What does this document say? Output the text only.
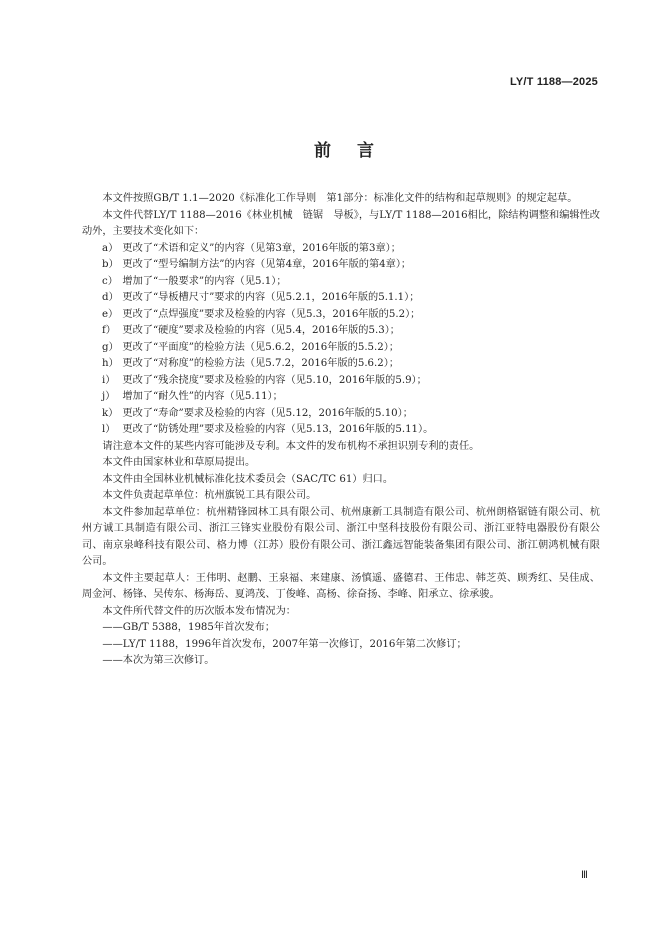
LY/T 1188—2025
前言

本文件按照GB/T 1.1—2020《标准化工作导则　第1部分：标准化文件的结构和起草规则》的规定起草。

本文件代替LY/T 1188—2016《林业机械　链锯　导板》，与LY/T 1188—2016相比，除结构调整和编辑性改动外，主要技术变化如下：

a） 更改了“术语和定义”的内容（见第3章，2016年版的第3章）；

b） 更改了“型号编制方法”的内容（见第4章，2016年版的第4章）；

c） 增加了“一般要求”的内容（见5.1）；

d） 更改了“导板槽尺寸”要求的内容（见5.2.1，2016年版的5.1.1）；

e） 更改了“点焊强度”要求及检验的内容（见5.3，2016年版的5.2）；

f） 更改了“硬度”要求及检验的内容（见5.4，2016年版的5.3）；

g） 更改了“平面度”的检验方法（见5.6.2，2016年版的5.5.2）；

h） 更改了“对称度”的检验方法（见5.7.2，2016年版的5.6.2）；

i） 更改了“残余挠度”要求及检验的内容（见5.10，2016年版的5.9）；

j） 增加了“耐久性”的内容（见5.11）；

k） 更改了“寿命”要求及检验的内容（见5.12，2016年版的5.10）；

l） 更改了“防锈处理”要求及检验的内容（见5.13，2016年版的5.11）。

请注意本文件的某些内容可能涉及专利。本文件的发布机构不承担识别专利的责任。

本文件由国家林业和草原局提出。

本文件由全国林业机械标准化技术委员会（SAC/TC 61）归口。

本文件负责起草单位：杭州旗锐工具有限公司。

本文件参加起草单位：杭州精锋园林工具有限公司、杭州康新工具制造有限公司、杭州朗格锯链有限公司、杭州方诚工具制造有限公司、浙江三锋实业股份有限公司、浙江中坚科技股份有限公司、浙江亚特电器股份有限公司、南京泉峰科技有限公司、格力博（江苏）股份有限公司、浙江鑫远智能装备集团有限公司、浙江朝鸿机械有限公司。

本文件主要起草人：王伟明、赵鹏、王泉福、来建康、汤慎遥、盛德君、王伟忠、韩芝英、顾秀红、吴佳成、周金河、杨锋、吴传东、杨海岳、夏鸿茂、丁俊峰、高杨、徐奋扬、李峰、阳承立、徐承骏。

本文件所代替文件的历次版本发布情况为：

——GB/T 5388，1985年首次发布；

——LY/T 1188，1996年首次发布，2007年第一次修订，2016年第二次修订；

——本次为第三次修订。

Ⅲ
